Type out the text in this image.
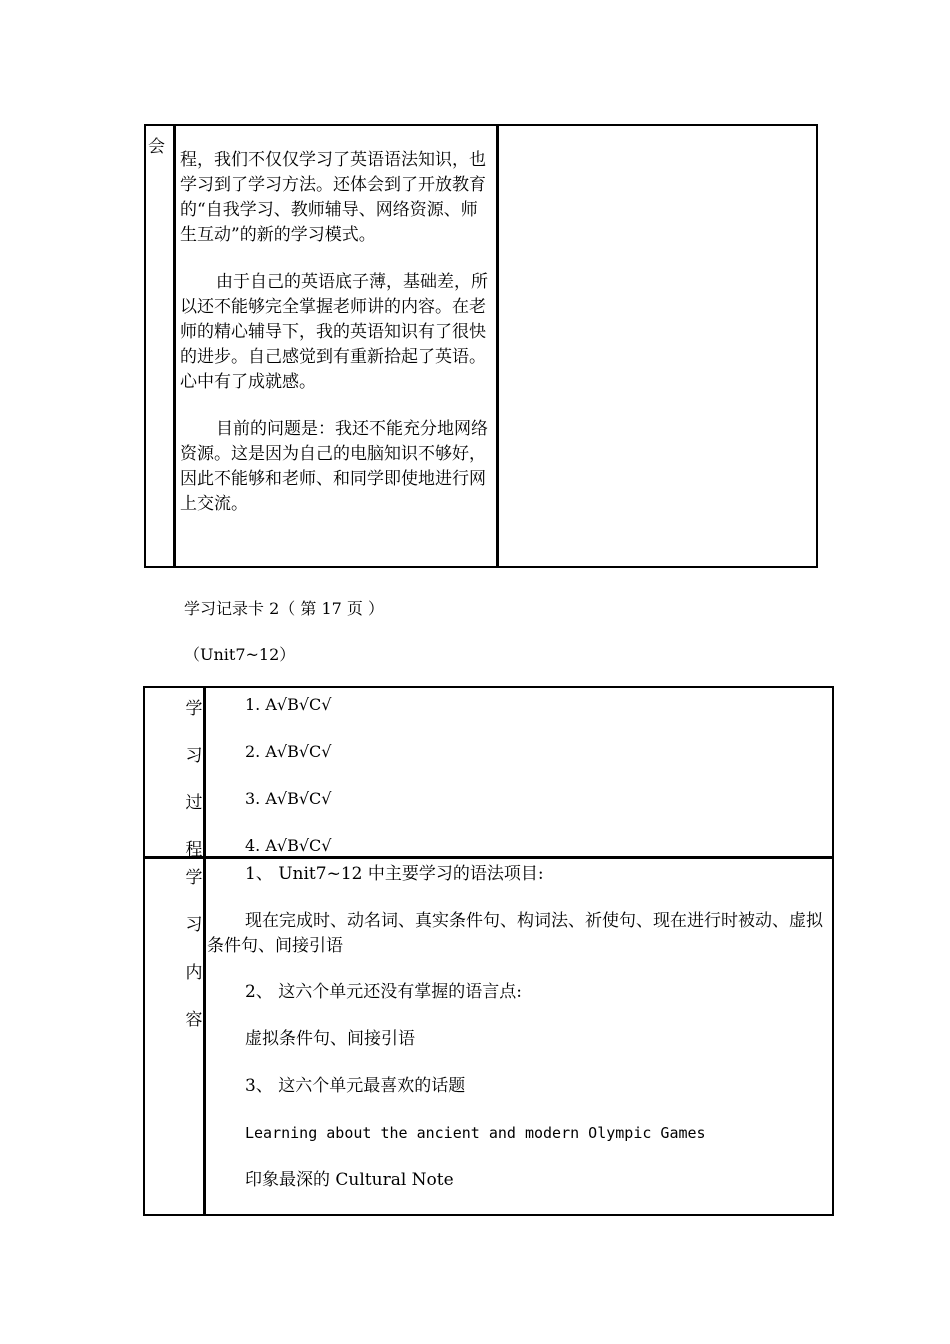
会

程，我们不仅仅学习了英语语法知识，也学习到了学习方法。还体会到了开放教育的“自我学习、教师辅导、网络资源、师生互动”的新的学习模式。

由于自己的英语底子薄，基础差，所以还不能够完全掌握老师讲的内容。在老师的精心辅导下，我的英语知识有了很快的进步。自己感觉到有重新拾起了英语。心中有了成就感。

目前的问题是：我还不能充分地网络资源。这是因为自己的电脑知识不够好，因此不能够和老师、和同学即使地进行网上交流。

学习记录卡 2（ 第 17 页 ）
（Unit7~12）
学
习
过
程
1. A√B√C√
2. A√B√C√
3. A√B√C√
4. A√B√C√
学
习
内
容
1、 Unit7~12 中主要学习的语法项目:
现在完成时、动名词、真实条件句、构词法、祈使句、现在进行时被动、虚拟条件句、间接引语
2、 这六个单元还没有掌握的语言点:
虚拟条件句、间接引语
3、 这六个单元最喜欢的话题
Learning about the ancient and modern Olympic Games
印象最深的 Cultural Note
